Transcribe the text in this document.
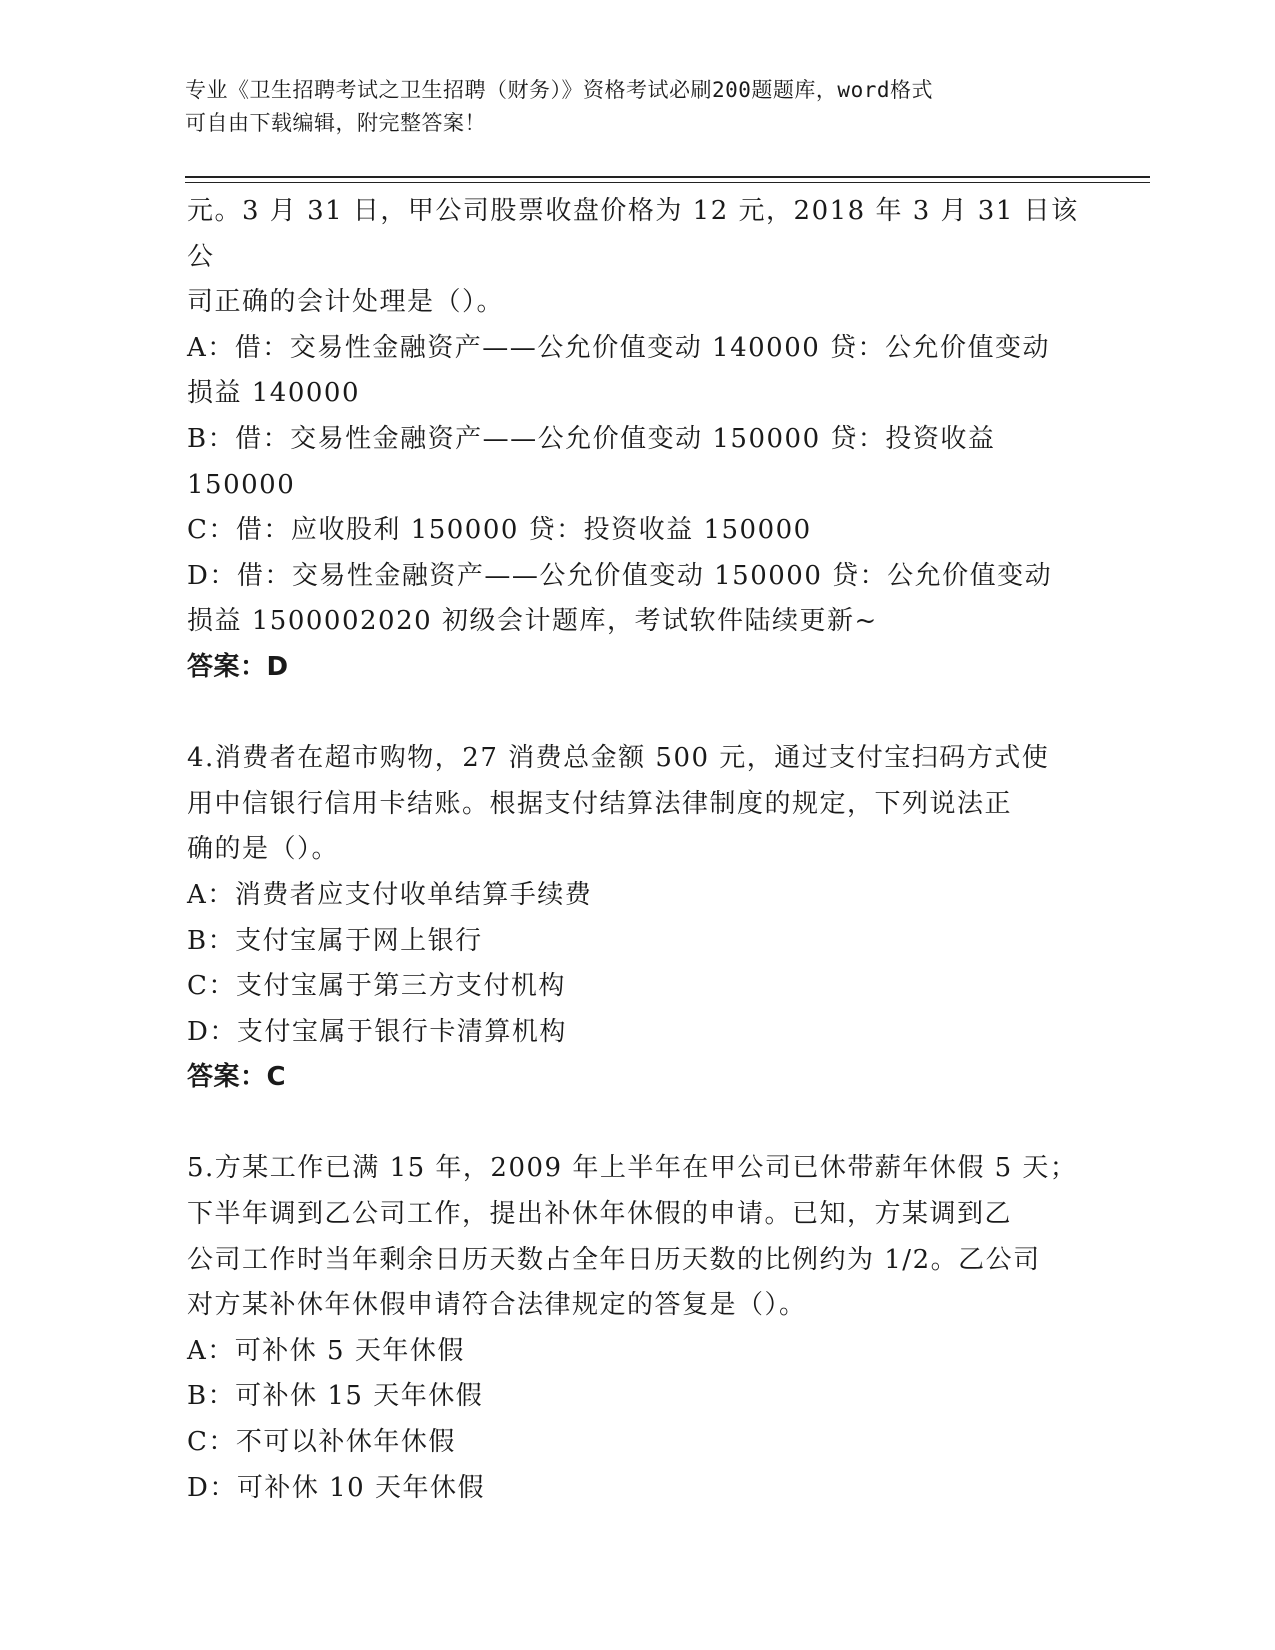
专业《卫生招聘考试之卫生招聘（财务）》资格考试必刷200题题库，word格式
可自由下载编辑，附完整答案！

元。3 月 31 日，甲公司股票收盘价格为 12 元，2018 年 3 月 31 日该公

司正确的会计处理是（）。

A：借：交易性金融资产——公允价值变动 140000 贷：公允价值变动

损益 140000

B：借：交易性金融资产——公允价值变动 150000 贷：投资收益

150000

C：借：应收股利 150000 贷：投资收益 150000

D：借：交易性金融资产——公允价值变动 150000 贷：公允价值变动

损益 1500002020 初级会计题库，考试软件陆续更新~

答案：D

4.消费者在超市购物，27 消费总金额 500 元，通过支付宝扫码方式使

用中信银行信用卡结账。根据支付结算法律制度的规定，下列说法正

确的是（）。

A：消费者应支付收单结算手续费

B：支付宝属于网上银行

C：支付宝属于第三方支付机构

D：支付宝属于银行卡清算机构

答案：C

5.方某工作已满 15 年，2009 年上半年在甲公司已休带薪年休假 5 天；

下半年调到乙公司工作，提出补休年休假的申请。已知，方某调到乙

公司工作时当年剩余日历天数占全年日历天数的比例约为 1/2。乙公司

对方某补休年休假申请符合法律规定的答复是（）。

A：可补休 5 天年休假

B：可补休 15 天年休假

C：不可以补休年休假

D：可补休 10 天年休假
